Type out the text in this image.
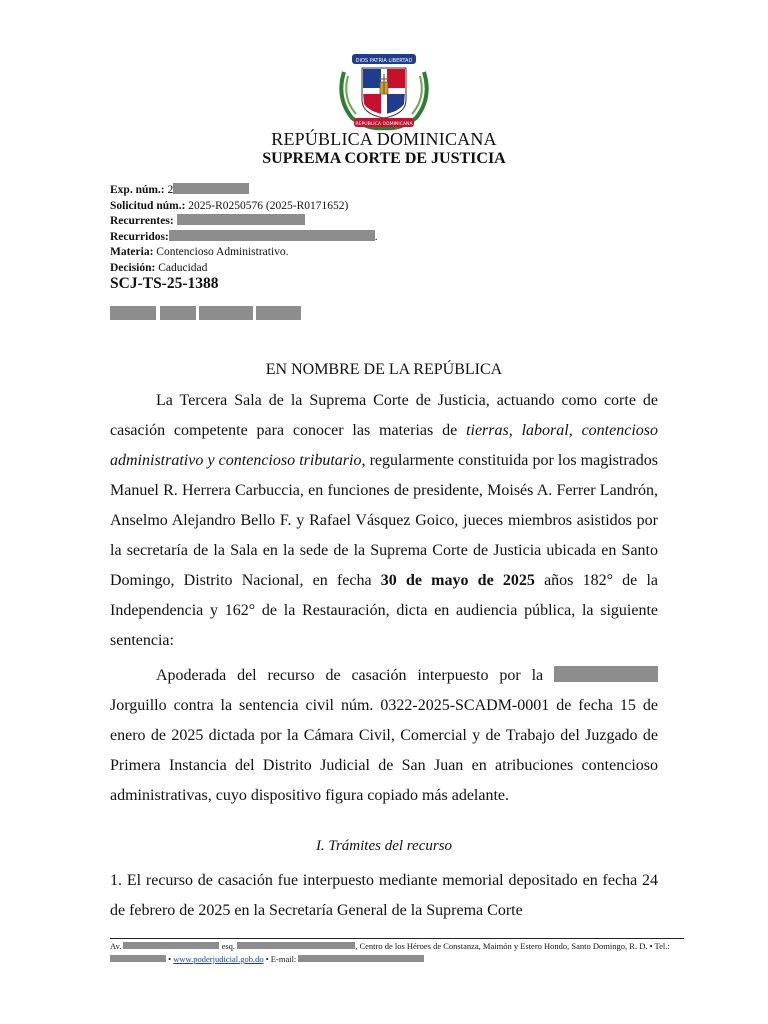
DIOS PATRIA LIBERTAD
REPUBLICA DOMINICANA
REPÚBLICA DOMINICANA
SUPREMA CORTE DE JUSTICIA
Exp. núm.: 2
Solicitud núm.: 2025-R0250576 (2025-R0171652)
Recurrentes:
Recurridos:	.
Materia: Contencioso Administrativo.
Decisión: Caducidad
SCJ-TS-25-1388
EN NOMBRE DE LA REPÚBLICA
La Tercera Sala de la Suprema Corte de Justicia, actuando como corte de casación competente para conocer las materias de tierras, laboral, contencioso administrativo y contencioso tributario, regularmente constituida por los magistrados Manuel R. Herrera Carbuccia, en funciones de presidente, Moisés A. Ferrer Landrón, Anselmo Alejandro Bello F. y Rafael Vásquez Goico, jueces miembros asistidos por la secretaría de la Sala en la sede de la Suprema Corte de Justicia ubicada en Santo Domingo, Distrito Nacional, en fecha 30 de mayo de 2025 años 182° de la Independencia y 162° de la Restauración, dicta en audiencia pública, la siguiente sentencia:
Apoderada del recurso de casación interpuesto por la  Jorguillo contra la sentencia civil núm. 0322-2025-SCADM-0001 de fecha 15 de enero de 2025 dictada por la Cámara Civil, Comercial y de Trabajo del Juzgado de Primera Instancia del Distrito Judicial de San Juan en atribuciones contencioso administrativas, cuyo dispositivo figura copiado más adelante.
I. Trámites del recurso
1. El recurso de casación fue interpuesto mediante memorial depositado en fecha 24 de febrero de 2025 en la Secretaría General de la Suprema Corte
Av.	esq.	, Centro de los Héroes de Constanza, Maimón y Estero Hondo, Santo Domingo, R. D. • Tel.:  • www.poderjudicial.gob.do • E-mail:
